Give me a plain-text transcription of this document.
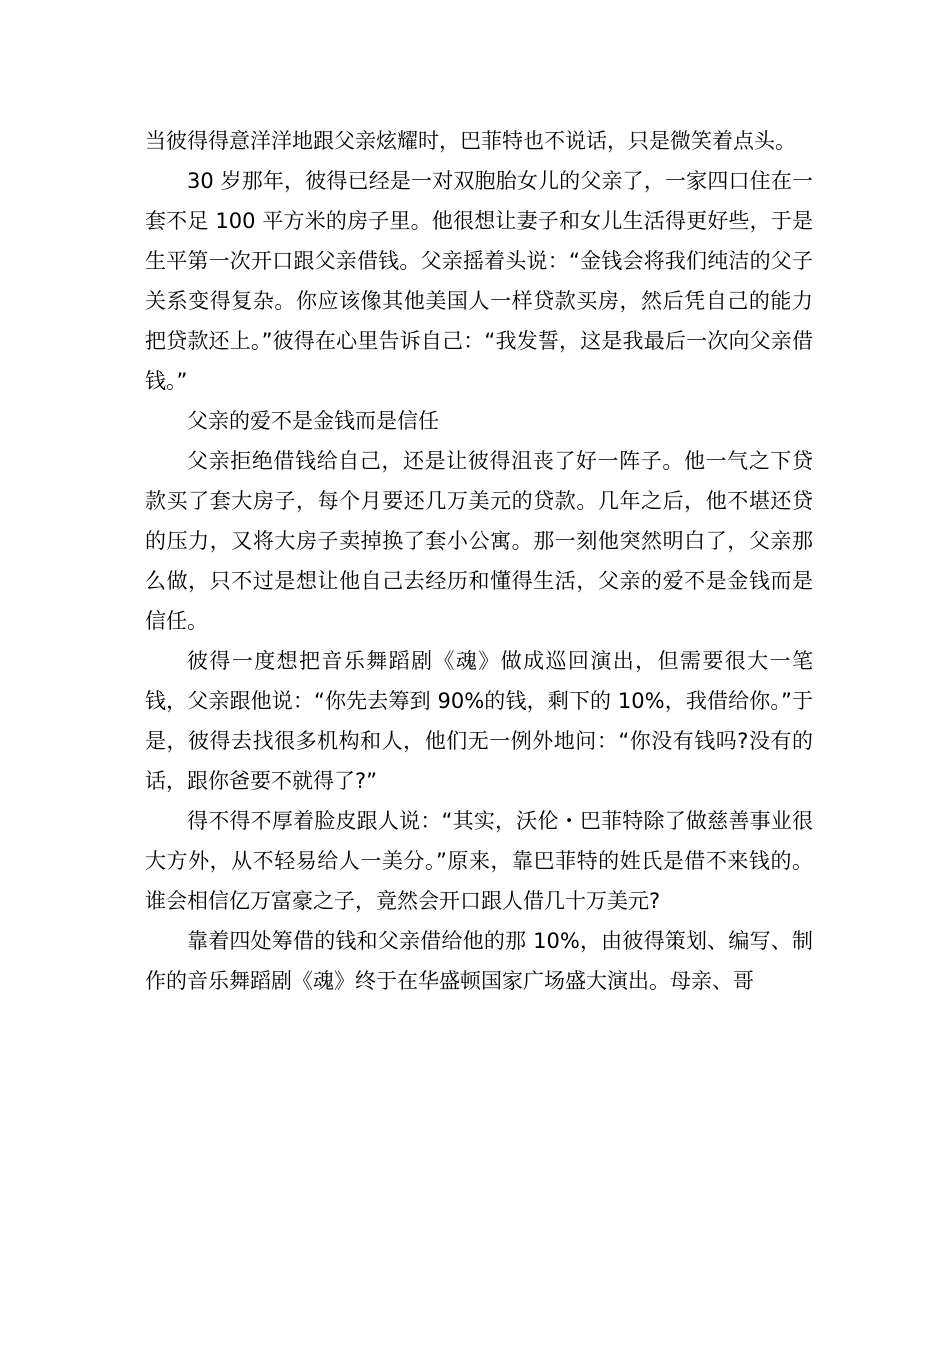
当彼得得意洋洋地跟父亲炫耀时，巴菲特也不说话，只是微笑着点头。

30 岁那年，彼得已经是一对双胞胎女儿的父亲了，一家四口住在一套不足 100 平方米的房子里。他很想让妻子和女儿生活得更好些，于是生平第一次开口跟父亲借钱。父亲摇着头说：“金钱会将我们纯洁的父子关系变得复杂。你应该像其他美国人一样贷款买房，然后凭自己的能力把贷款还上。”彼得在心里告诉自己：“我发誓，这是我最后一次向父亲借钱。”

父亲的爱不是金钱而是信任

父亲拒绝借钱给自己，还是让彼得沮丧了好一阵子。他一气之下贷款买了套大房子，每个月要还几万美元的贷款。几年之后，他不堪还贷的压力，又将大房子卖掉换了套小公寓。那一刻他突然明白了，父亲那么做，只不过是想让他自己去经历和懂得生活，父亲的爱不是金钱而是信任。

彼得一度想把音乐舞蹈剧《魂》做成巡回演出，但需要很大一笔钱，父亲跟他说：“你先去筹到 90%的钱，剩下的 10%，我借给你。”于是，彼得去找很多机构和人，他们无一例外地问：“你没有钱吗?没有的话，跟你爸要不就得了?”

得不得不厚着脸皮跟人说：“其实，沃伦・巴菲特除了做慈善事业很大方外，从不轻易给人一美分。”原来，靠巴菲特的姓氏是借不来钱的。谁会相信亿万富豪之子，竟然会开口跟人借几十万美元?

靠着四处筹借的钱和父亲借给他的那 10%，由彼得策划、编写、制作的音乐舞蹈剧《魂》终于在华盛顿国家广场盛大演出。母亲、哥
